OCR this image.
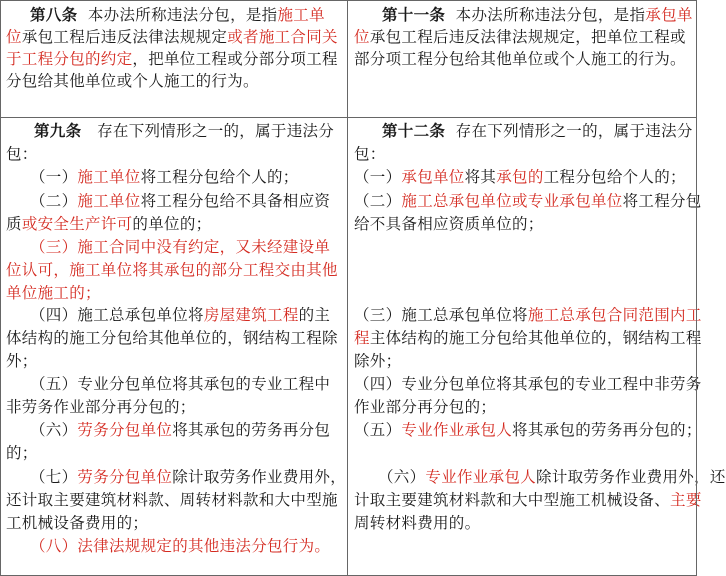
第八条 本办法所称违法分包，是指施工单
位承包工程后违反法律法规规定或者施工合同关
于工程分包的约定，把单位工程或分部分项工程
分包给其他单位或个人施工的行为。
第十一条 本办法所称违法分包，是指承包单
位承包工程后违反法律法规规定，把单位工程或
部分项工程分包给其他单位或个人施工的行为。
第九条 存在下列情形之一的，属于违法分
包：
（一）施工单位将工程分包给个人的；
（二）施工单位将工程分包给不具备相应资
质或安全生产许可的单位的；
（三）施工合同中没有约定，又未经建设单
位认可，施工单位将其承包的部分工程交由其他
单位施工的；
（四）施工总承包单位将房屋建筑工程的主
体结构的施工分包给其他单位的，钢结构工程除
外；
（五）专业分包单位将其承包的专业工程中
非劳务作业部分再分包的；
（六）劳务分包单位将其承包的劳务再分包
的；
（七）劳务分包单位除计取劳务作业费用外，
还计取主要建筑材料款、周转材料款和大中型施
工机械设备费用的；
（八）法律法规规定的其他违法分包行为。
第十二条 存在下列情形之一的，属于违法分
包：
（一）承包单位将其承包的工程分包给个人的；
（二）施工总承包单位或专业承包单位将工程分包
给不具备相应资质单位的；
（三）施工总承包单位将施工总承包合同范围内工
程主体结构的施工分包给其他单位的，钢结构工程
除外；
（四）专业分包单位将其承包的专业工程中非劳务
作业部分再分包的；
（五）专业作业承包人将其承包的劳务再分包的；
（六）专业作业承包人除计取劳务作业费用外，还
计取主要建筑材料款和大中型施工机械设备、主要
周转材料费用的。
